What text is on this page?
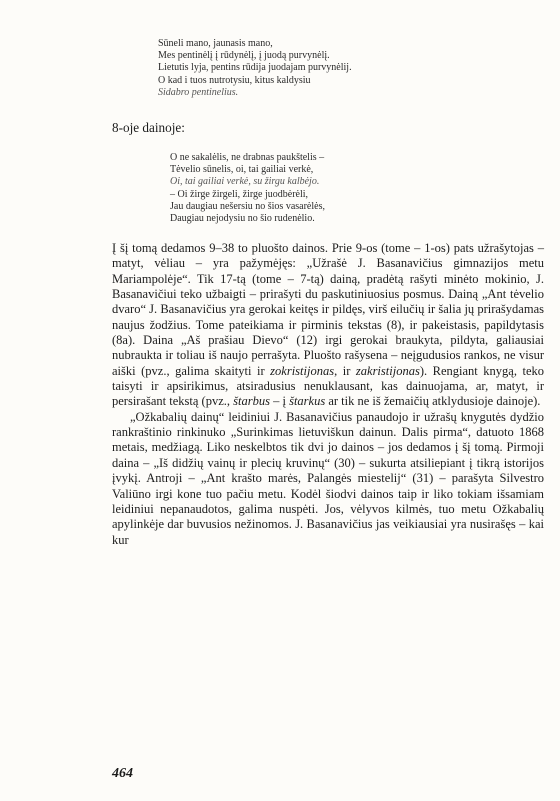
Sūneli mano, jaunasis mano,
Mes pentinėlį į rūdynėlį, į juodą purvynėlį.
Lietutis lyja, pentins rūdija juodajam purvynėlij.
O kad i tuos nutrotysiu, kitus kaldysiu
Sidabro pentinelius.
8-oje dainoje:
O ne sakalėlis, ne drabnas paukštelis –
Tėvelio sūnelis, oi, tai gailiai verkė,
Oi, tai gailiai verkė, su žirgu kalbėjo.
– Oi žirge žirgeli, žirge juodbėrėli,
Jau daugiau nešersiu no šios vasarėlės,
Daugiau nejodysiu no šio rudenėlio.

Į šį tomą dedamos 9–38 to pluošto dainos. Prie 9-os (tome – 1-os) pats užrašytojas – matyt, vėliau – yra pažymėjęs: „Užrašė J. Basanavičius gimnazijos metu Mariampolėje“. Tik 17-tą (tome – 7-tą) dainą, pradėtą rašyti minėto mokinio, J. Basanavičiui teko užbaigti – prirašyti du paskutiniuosius posmus. Dainą „Ant tėvelio dvaro“ J. Basanavičius yra gerokai keitęs ir pildęs, virš eilučių ir šalia jų prirašydamas naujus žodžius. Tome pateikiama ir pirminis tekstas (8), ir pakeistasis, papildytasis (8a). Daina „Aš prašiau Dievo“ (12) irgi gerokai braukyta, pildyta, galiausiai nubraukta ir toliau iš naujo perrašyta. Pluošto rašysena – neįgudusios rankos, ne visur aiški (pvz., galima skaityti ir zokristijonas, ir zakristijonas). Rengiant knygą, teko taisyti ir apsirikimus, atsiradusius nenuklausant, kas dainuojama, ar, matyt, ir persirašant tekstą (pvz., štarbus – į štarkus ar tik ne iš žemaičių atklydusioje dainoje).

„Ožkabalių dainų“ leidiniui J. Basanavičius panaudojo ir užrašų knygutės dydžio rankraštinio rinkinuko „Surinkimas lietuviškun dainun. Dalis pirma“, datuoto 1868 metais, medžiagą. Liko neskelbtos tik dvi jo dainos – jos dedamos į šį tomą. Pirmoji daina – „Iš didžių vainų ir plecių kruvinų“ (30) – sukurta atsiliepiant į tikrą istorijos įvykį. Antroji – „Ant krašto marės, Palangės miestelij“ (31) – parašyta Silvestro Valiūno irgi kone tuo pačiu metu. Kodėl šiodvi dainos taip ir liko tokiam išsamiam leidiniui nepanaudotos, galima nuspėti. Jos, vėlyvos kilmės, tuo metu Ožkabalių apylinkėje dar buvusios nežinomos. J. Basanavičius jas veikiausiai yra nusirašęs – kai kur

464
